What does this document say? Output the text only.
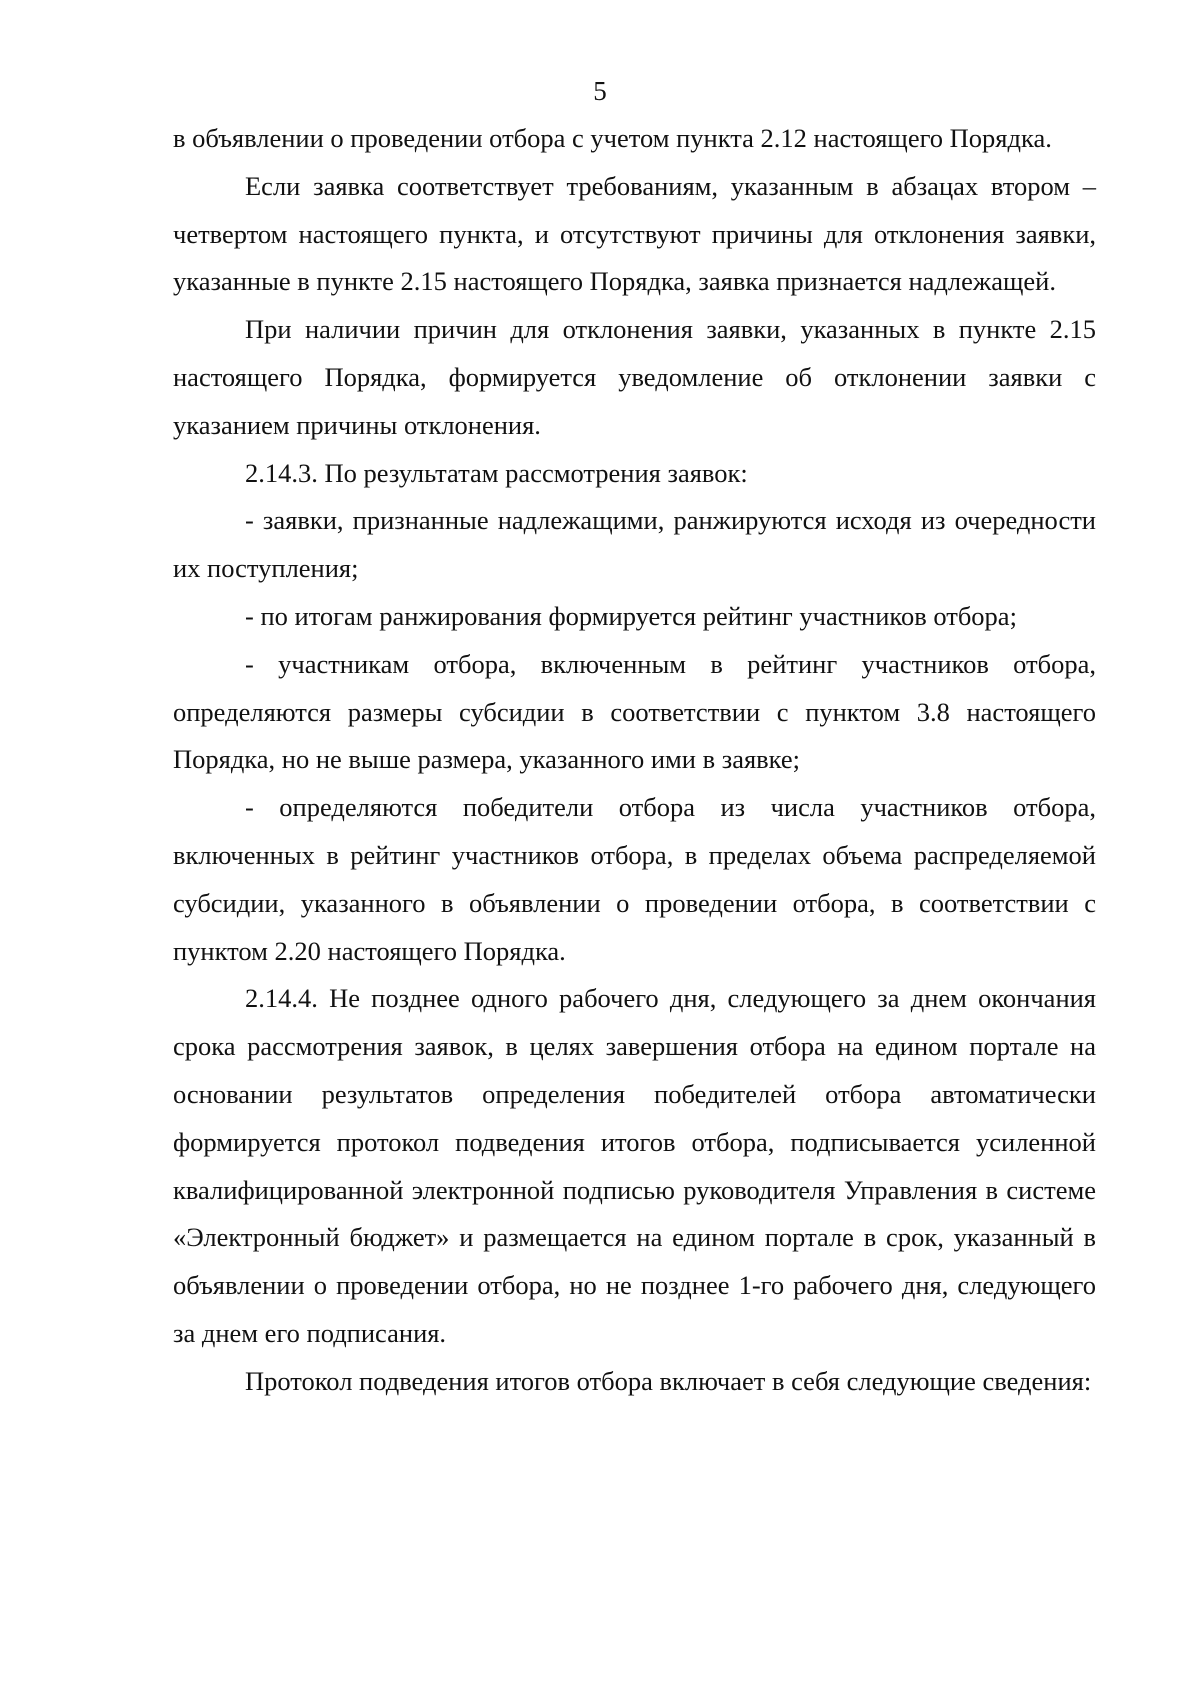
5

в объявлении о проведении отбора с учетом пункта 2.12 настоящего Порядка.

Если заявка соответствует требованиям, указанным в абзацах втором – четвертом настоящего пункта, и отсутствуют причины для отклонения заявки, указанные в пункте 2.15 настоящего Порядка, заявка признается надлежащей.

При наличии причин для отклонения заявки, указанных в пункте 2.15 настоящего Порядка, формируется уведомление об отклонении заявки с указанием причины отклонения.

2.14.3. По результатам рассмотрения заявок:

- заявки, признанные надлежащими, ранжируются исходя из очередности их поступления;

- по итогам ранжирования формируется рейтинг участников отбора;

- участникам отбора, включенным в рейтинг участников отбора, определяются размеры субсидии в соответствии с пунктом 3.8 настоящего Порядка, но не выше размера, указанного ими в заявке;

- определяются победители отбора из числа участников отбора, включенных в рейтинг участников отбора, в пределах объема распределяемой субсидии, указанного в объявлении о проведении отбора, в соответствии с пунктом 2.20 настоящего Порядка.

2.14.4. Не позднее одного рабочего дня, следующего за днем окончания срока рассмотрения заявок, в целях завершения отбора на едином портале на основании результатов определения победителей отбора автоматически формируется протокол подведения итогов отбора, подписывается усиленной квалифицированной электронной подписью руководителя Управления в системе «Электронный бюджет» и размещается на едином портале в срок, указанный в объявлении о проведении отбора, но не позднее 1-го рабочего дня, следующего за днем его подписания.

Протокол подведения итогов отбора включает в себя следующие сведения:
